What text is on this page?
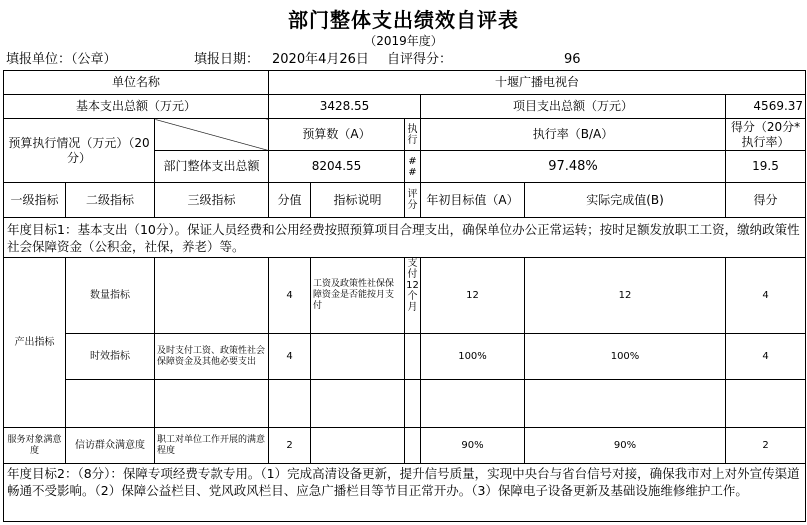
部门整体支出绩效自评表
（2019年度）
填报单位：（公章）	填报日期： 2020年4月26日 自评得分：	96
单位名称			十堰广播电视台					
基本支出总额（万元）			3428.55			项目支出总额（万元）		4569.37
预算执行情况（万元）（20分）			预算数（A）		执行	执行率（B/A）		得分（20分*执行率）
		部门整体支出总额	8204.55		##	97.48%		19.5
一级指标	二级指标	三级指标	分值	指标说明	评分	年初目标值（A）	实际完成值(B)	得分
年度目标1：基本支出（10分）。保证人员经费和公用经费按照预算项目合理支出，确保单位办公正常运转；按时足额发放职工工资，缴纳政策性社会保障资金（公积金，社保，养老）等。								
产出指标	数量指标		4	工资及政策性社保保障资金是否能按月支付	支付12个月	12	12	4
	时效指标	及时支付工资、政策性社会保障资金及其他必要支出	4			100%	100%	4

服务对象满意度	信访群众满意度	职工对单位工作开展的满意程度	2			90%	90%	2
年度目标2：（8分）：保障专项经费专款专用。（1）完成高清设备更新，提升信号质量，实现中央台与省台信号对接，确保我市对上对外宣传渠道畅通不受影响。（2）保障公益栏目、党风政风栏目、应急广播栏目等节目正常开办。（3）保障电子设备更新及基础设施维修维护工作。								
